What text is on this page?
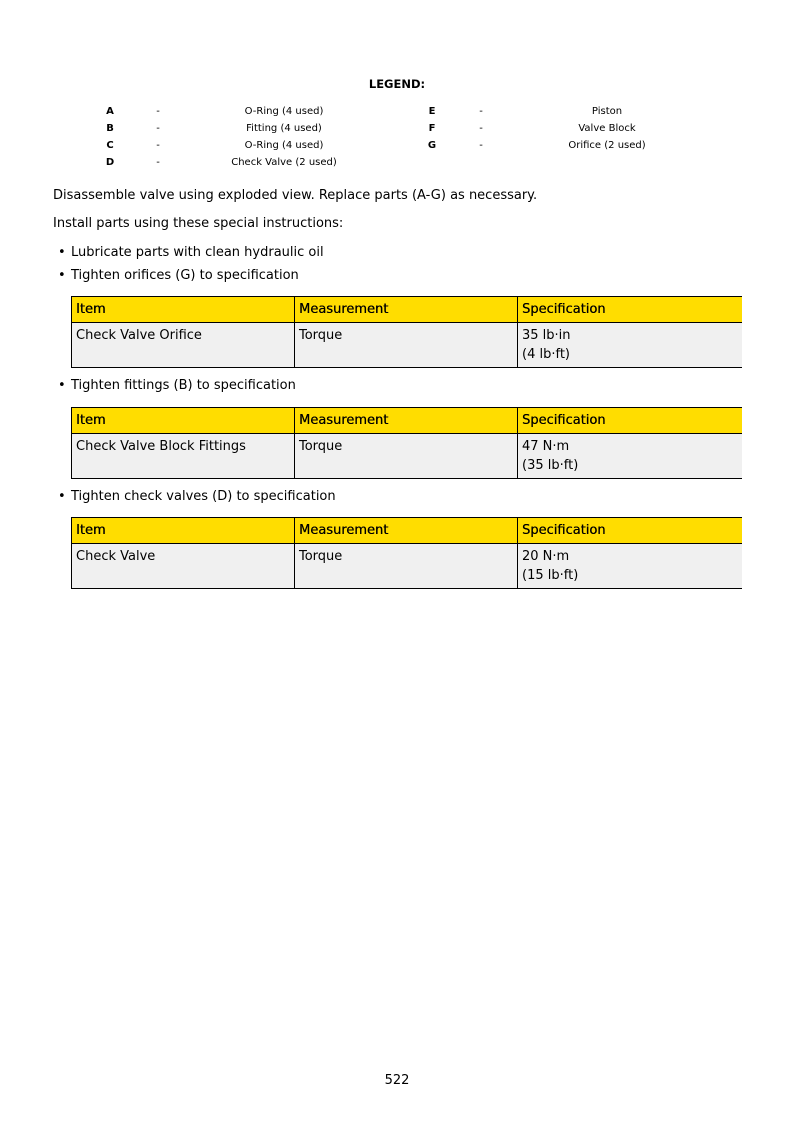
LEGEND:
A	-	O-Ring (4 used)	E	-	Piston
B	-	Fitting (4 used)	F	-	Valve Block
C	-	O-Ring (4 used)	G	-	Orifice (2 used)
D	-	Check Valve (2 used)
Disassemble valve using exploded view. Replace parts (A-G) as necessary.
Install parts using these special instructions:
• Lubricate parts with clean hydraulic oil
• Tighten orifices (G) to specification
Item	Measurement	Specification
Check Valve Orifice	Torque	35 lb·in
(4 lb·ft)
• Tighten fittings (B) to specification
Item	Measurement	Specification
Check Valve Block Fittings	Torque	47 N·m
(35 lb·ft)
• Tighten check valves (D) to specification
Item	Measurement	Specification
Check Valve	Torque	20 N·m
(15 lb·ft)
522
